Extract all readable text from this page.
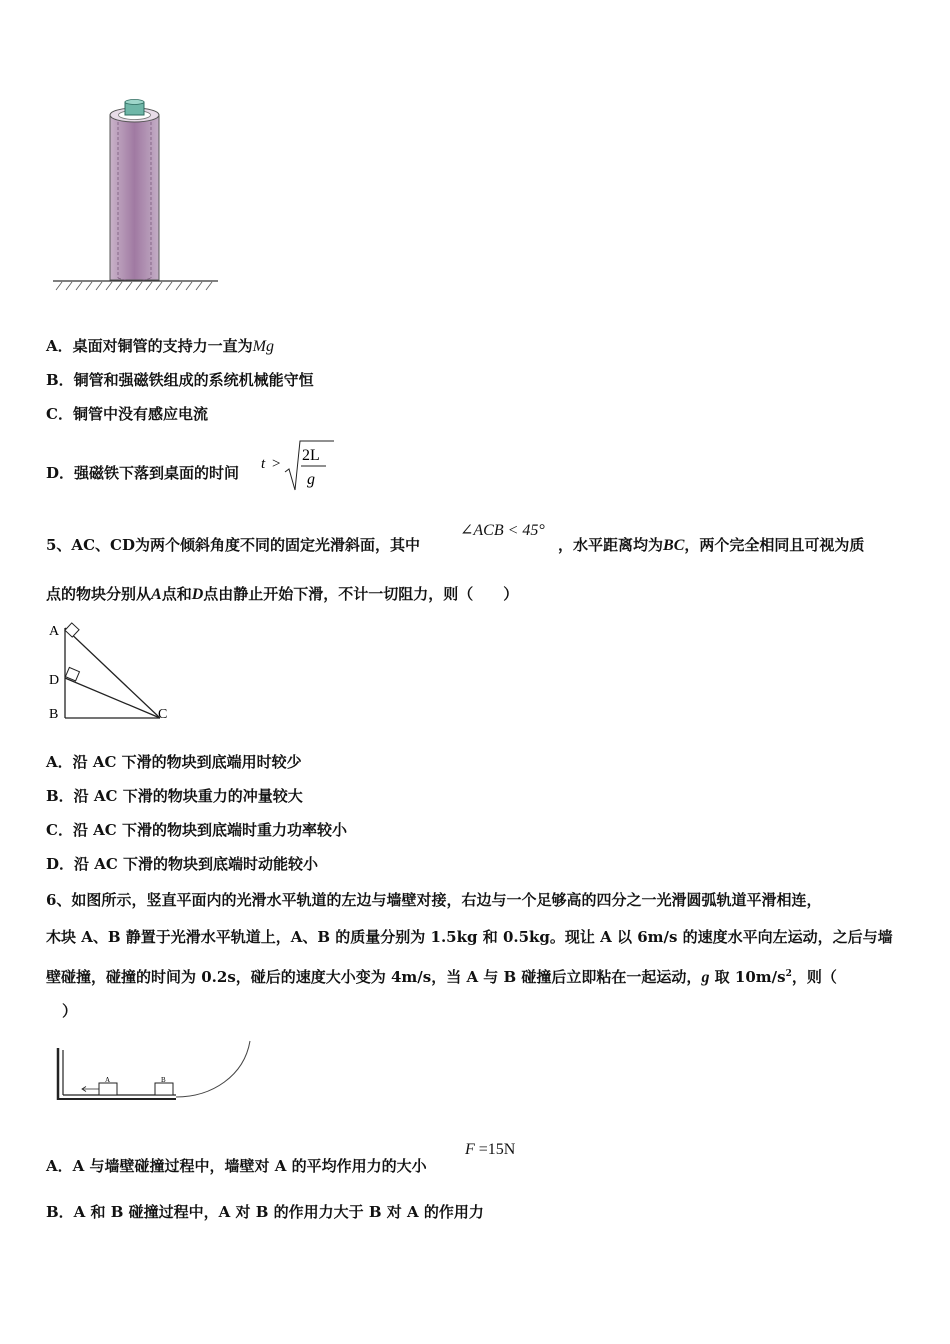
A．桌面对铜管的支持力一直为Mg
B．铜管和强磁铁组成的系统机械能守恒
C．铜管中没有感应电流
D．强磁铁下落到桌面的时间 t > 2L
g
5、AC、CD为两个倾斜角度不同的固定光滑斜面，其中
∠ACB < 45°
，水平距离均为BC，两个完全相同且可视为质
点的物块分别从A点和D点由静止开始下滑，不计一切阻力，则（　　）
A
D
B	C
A．沿 AC 下滑的物块到底端用时较少
B．沿 AC 下滑的物块重力的冲量较大
C．沿 AC 下滑的物块到底端时重力功率较小
D．沿 AC 下滑的物块到底端时动能较小
6、如图所示，竖直平面内的光滑水平轨道的左边与墙壁对接，右边与一个足够高的四分之一光滑圆弧轨道平滑相连，
木块 A、B 静置于光滑水平轨道上，A、B 的质量分别为 1.5kg 和 0.5kg。现让 A 以 6m/s 的速度水平向左运动，之后与墙
壁碰撞，碰撞的时间为 0.2s，碰后的速度大小变为 4m/s，当 A 与 B 碰撞后立即粘在一起运动，g 取 $10m/s^2$，则（
）
A	B
A．A 与墙壁碰撞过程中，墙壁对 A 的平均作用力的大小
F =15N
B．A 和 B 碰撞过程中，A 对 B 的作用力大于 B 对 A 的作用力
